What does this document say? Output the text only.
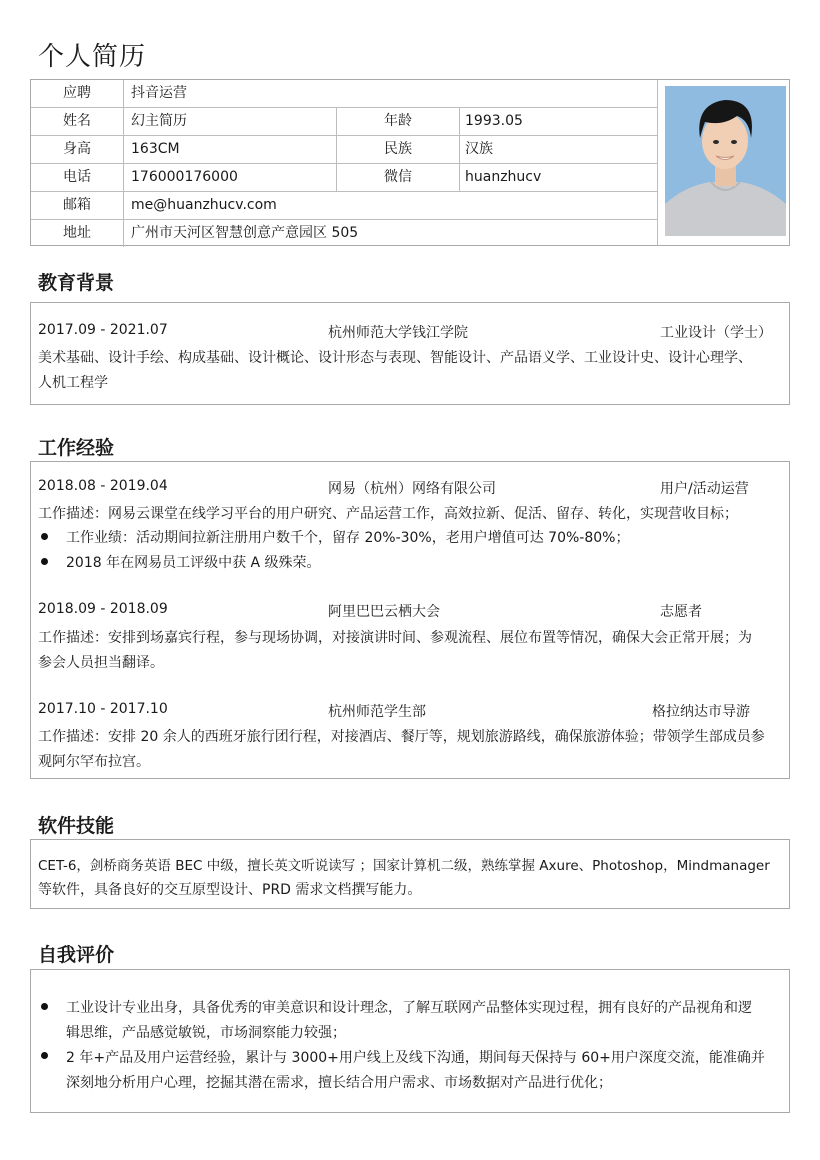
个人简历
应聘	抖音运营
姓名	幻主简历	年龄	1993.05
身高	163CM	民族	汉族
电话	176000176000	微信	huanzhucv
邮箱	me@huanzhucv.com
地址	广州市天河区智慧创意产意园区 505
教育背景
2017.09 - 2021.07	杭州师范大学钱江学院	工业设计（学士）
美术基础、设计手绘、构成基础、设计概论、设计形态与表现、智能设计、产品语义学、工业设计史、设计心理学、
人机工程学
工作经验
2018.08 - 2019.04	网易（杭州）网络有限公司	用户/活动运营
工作描述：网易云课堂在线学习平台的用户研究、产品运营工作，高效拉新、促活、留存、转化，实现营收目标；
工作业绩：活动期间拉新注册用户数千个，留存 20%-30%，老用户增值可达 70%-80%；
2018 年在网易员工评级中获 A 级殊荣。
2018.09 - 2018.09	阿里巴巴云栖大会	志愿者
工作描述：安排到场嘉宾行程，参与现场协调，对接演讲时间、参观流程、展位布置等情况，确保大会正常开展；为
参会人员担当翻译。
2017.10 - 2017.10	杭州师范学生部	格拉纳达市导游
工作描述：安排 20 余人的西班牙旅行团行程，对接酒店、餐厅等，规划旅游路线，确保旅游体验；带领学生部成员参
观阿尔罕布拉宫。
软件技能
CET-6，剑桥商务英语 BEC 中级，擅长英文听说读写 ；国家计算机二级，熟练掌握 Axure、Photoshop，Mindmanager
等软件，具备良好的交互原型设计、PRD 需求文档撰写能力。
自我评价
工业设计专业出身，具备优秀的审美意识和设计理念，了解互联网产品整体实现过程，拥有良好的产品视角和逻
辑思维，产品感觉敏锐，市场洞察能力较强；
2 年+产品及用户运营经验，累计与 3000+用户线上及线下沟通，期间每天保持与 60+用户深度交流，能准确并
深刻地分析用户心理，挖掘其潜在需求，擅长结合用户需求、市场数据对产品进行优化；
